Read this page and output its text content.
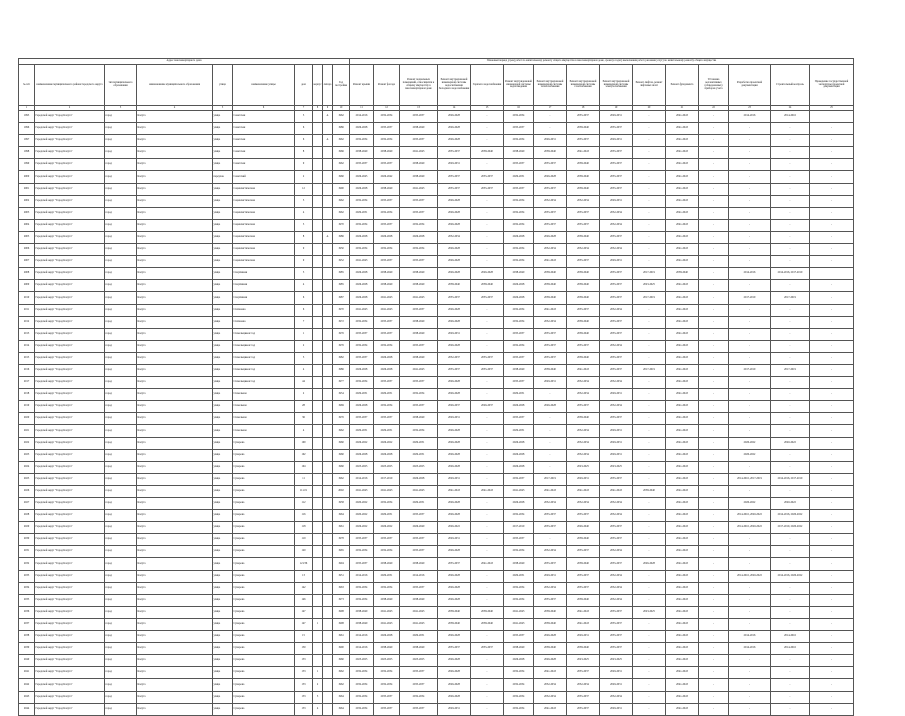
Адрес многоквартирного дома										Плановый период (срок) работ по капитальному ремонту общего имущества в многоквартирном доме, сроки (в годах) выполнения работ (оказания услуг) по капитальному ремонту общего имущества														
№ п/п	наименование муниципального района/городского округа	тип муниципального образования	наименование муниципального образования	улица	наименование улицы	дом	корпус	литера	Год постройки	Ремонт крыши	Ремонт фасада	Ремонт подвальных помещений, относящихся к общему имуществу в многоквартирном доме	Ремонт внутридомовой инженерной системы водоснабжения
Холодного водоснабжения	Горячего водоснабжения	Ремонт внутридомовой инженерной системы водоотведения	Ремонт внутридомовой инженерной системы теплоснабжения	Ремонт внутридомовой инженерной системы газоснабжения	Ремонт внутридомовой инженерной системы электроснабжения	Ремонт лифтов, ремонт лифтовых шахт	Ремонт фундамента	Установка коллективных (общедомовых) приборов учета	Разработка проектной документации	Строительный контроль	Проведение государственной экспертизы проектной документации
1	2	3	4	5	6	7	8	9	10	11	12	13	14	15	16	17	18	19	20	21	22	23	24	25
1995	Городской округ "Город Калуга"	город	Калуга	улица	Советская	5		А	1962	2014-2016	2032-2034	2035-2037	2026-2028	-	2032-2034	-	2035-2037	2029-2031	-	2041-2043	-	2014-2016	2014-2016	
1996	Городской округ "Город Калуга"	город	Калуга	улица	Советская	6			1986	2026-2028	2035-2037	2038-2040	2026-2028	-	2035-2037	-	2038-2040	2035-2037	-	2041-2043	-	-	-	-
1997	Городской округ "Город Калуга"	город	Калуга	улица	Советская	6		А	1962	2032-2034	2032-2034	2035-2037	2026-2028	-	2032-2034	2026-2031	2035-2037	2029-2031	-	2041-2043	-	-	-	-
1998	Городской округ "Город Калуга"	город	Калуга	улица	Советская	8			1966	2038-2040	2038-2040	2041-2043	2035-2037	2038-2040	2038-2040	2038-2040	2041-2043	2035-2037	-	2041-2043	-	-	-	-
1999	Городской округ "Город Калуга"	город	Калуга	улица	Советская	9			1962	2035-2037	2035-2037	2038-2040	2029-2031	-	2035-2037	2035-2037	2038-2040	2035-2037	-	2041-2043	-	-	-	-
2000	Городской округ "Город Калуга"	город	Калуга	переулок	Советский	2			1960	2026-2045	2026-2042	2038-2040	2035-2037	2035-2037	2029-2031	2026-2028	2038-2040	2035-2037	-	2041-2043	-	-	-	-
2001	Городской округ "Город Калуга"	город	Калуга	улица	Социалистическая	12			1990	2026-2028	2038-2040	2041-2043	2035-2037	2035-2037	2035-2037	2035-2037	2038-2040	2035-2037	-	2041-2043	-	-	-	-
2002	Городской округ "Город Калуга"	город	Калуга	улица	Социалистическая	3			1962	2032-2034	2035-2037	2035-2037	2026-2028	-	2032-2034	2032-2034	2032-2034	2029-2031	-	2041-2043	-	-	-	-
2003	Городской округ "Город Калуга"	город	Калуга	улица	Социалистическая	4			1962	2029-2031	2032-2034	2035-2037	2026-2028	-	2032-2034	2035-2037	2035-2037	2032-2034	-	2041-2043	-	-	-	-
2004	Городской округ "Город Калуга"	город	Калуга	улица	Социалистическая	5			1970	2032-2034	2035-2037	2032-2034	2026-2028	-	2032-2034	2035-2037	2035-2037	2032-2034	-	2041-2043	-	-	-	-
2005	Городской округ "Город Калуга"	город	Калуга	улица	Социалистическая	8		А	1986	2026-2028	2026-2028	2026-2028	2032-2034	-	2026-2028	2026-2028	2038-2040	2035-2037	-	2041-2043	-	-	-	-
2006	Городской округ "Город Калуга"	город	Калуга	улица	Социалистическая	9			1950	2032-2034	2032-2034	2032-2034	2026-2028	-	2032-2034	2032-2034	2032-2034	2032-2034	-	2041-2043	-	-	-	-
2007	Городской округ "Город Калуга"	город	Калуга	улица	Социалистическая	9			1952	2041-2043	2035-2037	2035-2037	2026-2028	-	2032-2034	2041-2043	2035-2037	2029-2031	-	2041-2043	-	-	-	-
2008	Городской округ "Город Калуга"	город	Калуга	улица	Спортивная	3			1985	2026-2028	2038-2040	2038-2040	2026-2028	2026-2028	2038-2040	2038-2040	2038-2040	2035-2037	2017-2019	2038-2040	-	2014-2016	2014-2016, 2017-2019	
2009	Городской округ "Город Калуга"	город	Калуга	улица	Спортивная	4			1985	2026-2028	2038-2040	2038-2040	2038-2040	2038-2040	2026-2028	2038-2040	2038-2040	2035-2037	2023-2025	2041-2043	-	-	-	-
2010	Городской округ "Город Калуга"	город	Калуга	улица	Спортивная	6			1987	2026-2028	2041-2043	2041-2043	2035-2037	2035-2037	2026-2028	2038-2040	2038-2040	2035-2037	2017-2019	2041-2043	-	2017-2019	2017-2019	-
2011	Городской округ "Город Калуга"	город	Калуга	улица	Степанова	6			1970	2041-2043	2041-2043	2035-2037	2026-2028	-	2032-2034	2041-2043	2035-2037	2032-2034	-	2041-2043	-	-	-	-
2012	Городской округ "Город Калуга"	город	Калуга	улица	Степанова	7			1972	2032-2034	2035-2037	2038-2040	2026-2028	-	2032-2034	2032-2034	2038-2040	2035-2037	-	2041-2043	-	-	-	-
2013	Городской округ "Город Калуга"	город	Калуга	улица	Стекольщиков Сад	1			1976	2035-2037	2035-2037	2038-2040	2029-2031	-	2035-2037	2035-2037	2038-2040	2035-2037	-	2041-2043	-	-	-	-
2014	Городской округ "Город Калуга"	город	Калуга	улица	Стекольщиков Сад	2			1976	2032-2034	2032-2034	2035-2037	2026-2028	-	2032-2034	2035-2037	2035-2037	2032-2034	-	2041-2043	-	-	-	-
2015	Городской округ "Город Калуга"	город	Калуга	улица	Стекольщиков Сад	3			1982	2035-2037	2026-2028	2038-2040	2032-2037	2035-2037	2035-2037	2035-2037	2038-2040	2035-2037	-	2041-2043	-	-	-	-
2016	Городской округ "Город Калуга"	город	Калуга	улица	Стекольщиков Сад	4			1986	2026-2028	2026-2028	2041-2043	2035-2037	2035-2037	2038-2040	2038-2040	2041-2043	2035-2037	2017-2019	2041-2043	-	2017-2019	2017-2019	-
2017	Городской округ "Город Калуга"	город	Калуга	улица	Стекольщиков Сад	44			1977	2032-2034	2035-2037	2035-2037	2026-2028	-	2035-2037	2029-2031	2032-2034	2032-2034	-	2041-2043	-	-	-	-
2018	Городской округ "Город Калуга"	город	Калуга	улица	Стекольная	2			1954	2029-2031	2029-2031	2032-2034	2026-2028	-	2029-2031	-	2032-2034	2029-2031	-	2041-2043	-	-	-	-
2019	Городской округ "Город Калуга"	город	Калуга	улица	Стекольная	28			1969	2026-2028	2032-2034	2035-2037	2026-2037	2026-2037	2026-2028	2026-2028	2035-2037	2032-2034	-	2041-2043	-	-	-	-
2020	Городской округ "Город Калуга"	город	Калуга	улица	Стекольная	36			1976	2035-2037	2035-2037	2038-2040	2029-2031	-	2035-2037	-	2038-2040	2035-2037	-	2041-2043	-	-	-	-
2021	Городской округ "Город Калуга"	город	Калуга	улица	Стекольная	4			1962	2029-2031	2029-2031	2032-2034	2026-2028	-	2029-2031	-	2032-2034	2029-2031	-	2041-2043	-	-	-	-
2022	Городской округ "Город Калуга"	город	Калуга	улица	Суворова	100			1960	2026-2022	2026-2022	2029-2031	2026-2028	-	2026-2028	-	2032-2034	2029-2031	-	2041-2043	-	2020-2022	2020-2022	-
2023	Городской округ "Город Калуга"	город	Калуга	улица	Суворова	102			1960	2026-2028	2026-2028	2029-2031	2026-2028	-	2026-2028	-	2032-2034	2029-2031	-	2041-2043	-	2020-2022	-	-
2024	Городской округ "Город Калуга"	город	Калуга	улица	Суворова	104			1960	2023-2025	2023-2025	2023-2025	2026-2028	-	2026-2028	-	2023-2025	2023-2025	-	2041-2043	-	-	-	-
2025	Городской округ "Город Калуга"	город	Калуга	улица	Суворова	11			1962	2014-2016	2017-2019	2026-2028	2029-2031	-	2032-2037	2017-2019	2029-2031	2035-2037	-	2041-2043	-	2014-2016, 2017-2019	2014-2016, 2017-2019	-
2026	Городской округ "Город Калуга"	город	Калуга	улица	Суворова	111/21			2002	2041-2043	2041-2043	2041-2043	2041-2043	2041-2043	2041-2043	2041-2043	2041-2043	2041-2043	2038-2040	2041-2043	-	-	-	-
2027	Городской округ "Город Калуга"	город	Калуга	улица	Суворова	112			1958	2020-2022	2032-2034	2029-2031	2026-2028	-	2026-2028	2032-2034	2032-2034	2032-2034	-	2041-2043	-	2020-2022	2020-2022	-
2028	Городской округ "Город Калуга"	город	Калуга	улица	Суворова	116			1964	2020-2022	2029-2031	2035-2037	2026-2028	-	2032-2034	2035-2037	2035-2037	2032-2034	-	2041-2043	-	2014-2016, 2020-2022	2014-2016, 2020-2022	-
2029	Городской округ "Город Калуга"	город	Калуга	улица	Суворова	118			1961	2026-2022	2026-2022	2026-2040	2026-2022	-	2017-2019	2035-2037	2026-2040	2035-2037	-	2041-2043	-	2014-2016, 2020-2022	2017-2019, 2020-2022	-
2030	Городской округ "Город Калуга"	город	Калуга	улица	Суворова	119			1978	2035-2037	2035-2037	2035-2037	2029-2031	-	2035-2037	-	2038-2040	2035-2037	-	2041-2043	-	-	-	-
2031	Городской округ "Город Калуга"	город	Калуга	улица	Суворова	120			1965	2032-2034	2032-2034	2035-2037	2026-2028	-	2032-2034	2032-2034	2035-2037	2032-2034	-	2041-2043	-	-	-	-
2032	Городской округ "Город Калуга"	город	Калуга	улица	Суворова	121/36			1994	2035-2037	2038-2040	2038-2040	2035-2037	2041-2043	2038-2040	2035-2037	2038-2040	2035-2037	2026-2028	2041-2043	-	-	-	-
2033	Городской округ "Город Калуга"	город	Калуга	улица	Суворова	13			1951	2014-2016	2029-2031	2014-2016	2026-2028	-	2029-2031	2029-2031	2035-2037	2032-2034	-	2041-2043	-	2014-2016, 2020-2022	2014-2016, 2020-2022	-
2034	Городской округ "Город Калуга"	город	Калуга	улица	Суворова	142			1963	2032-2034	2032-2034	2035-2037	2026-2028	-	2032-2034	2032-2034	2035-2037	2032-2034	-	2041-2043	-	-	-	-
2035	Городской округ "Город Калуга"	город	Калуга	улица	Суворова	146			1973	2032-2034	2038-2040	2038-2040	2026-2028	-	2032-2034	2035-2037	2038-2040	2032-2034	-	2041-2043	-	-	-	-
2036	Городской округ "Город Калуга"	город	Калуга	улица	Суворова	147			1998	2038-2040	2041-2043	2041-2043	2038-2040	2038-2040	2041-2043	2038-2040	2041-2043	2035-2037	2023-2025	2041-2043	-	-	-	-
2037	Городской округ "Город Калуга"	город	Калуга	улица	Суворова	147	1		1998	2038-2040	2041-2043	2041-2043	2038-2040	2038-2040	2041-2043	2038-2040	2041-2043	2035-2037	-	2041-2043	-	-	-	-
2038	Городской округ "Город Калуга"	город	Калуга	улица	Суворова	15			1961	2014-2016	2026-2028	2029-2031	2026-2028	-	2035-2037	2026-2028	2029-2031	2035-2037	-	2041-2043	-	2014-2016	2014-2016	-
2039	Городской округ "Город Калуга"	город	Калуга	улица	Суворова	150			1990	2014-2016	2038-2040	2038-2040	2035-2037	2035-2037	2038-2040	2038-2040	2038-2040	2035-2037	-	2041-2043	-	2014-2016	2014-2016	-
2040	Городской округ "Город Калуга"	город	Калуга	улица	Суворова	153			1960	2023-2025	2023-2025	2023-2025	2026-2028	-	2026-2028	2026-2028	2023-2025	2023-2025	-	2041-2043	-	-	-	-
2041	Городской округ "Город Калуга"	город	Калуга	улица	Суворова	153	1		1962	2032-2034	2032-2034	2035-2037	2026-2028	-	2032-2034	2041-2043	2035-2037	2029-2031	-	2041-2043	-	-	-	-
2042	Городской округ "Город Калуга"	город	Калуга	улица	Суворова	153	2		1962	2032-2034	2032-2034	2035-2037	2026-2028	-	2032-2034	2032-2034	2032-2034	2029-2031	-	2041-2043	-	-	-	-
2043	Городской округ "Город Калуга"	город	Калуга	улица	Суворова	153	3		1964	2032-2034	2035-2037	2032-2034	2026-2028	-	2032-2034	2032-2034	2035-2037	2032-2034	-	2041-2043	-	-	-	-
2044	Городской округ "Город Калуга"	город	Калуга	улица	Суворова	153	4		1964	2032-2034	2035-2037	2035-2037	2029-2031	-	2032-2034	2041-2043	2035-2037	2029-2031	-	2041-2043	-	-	-	-
